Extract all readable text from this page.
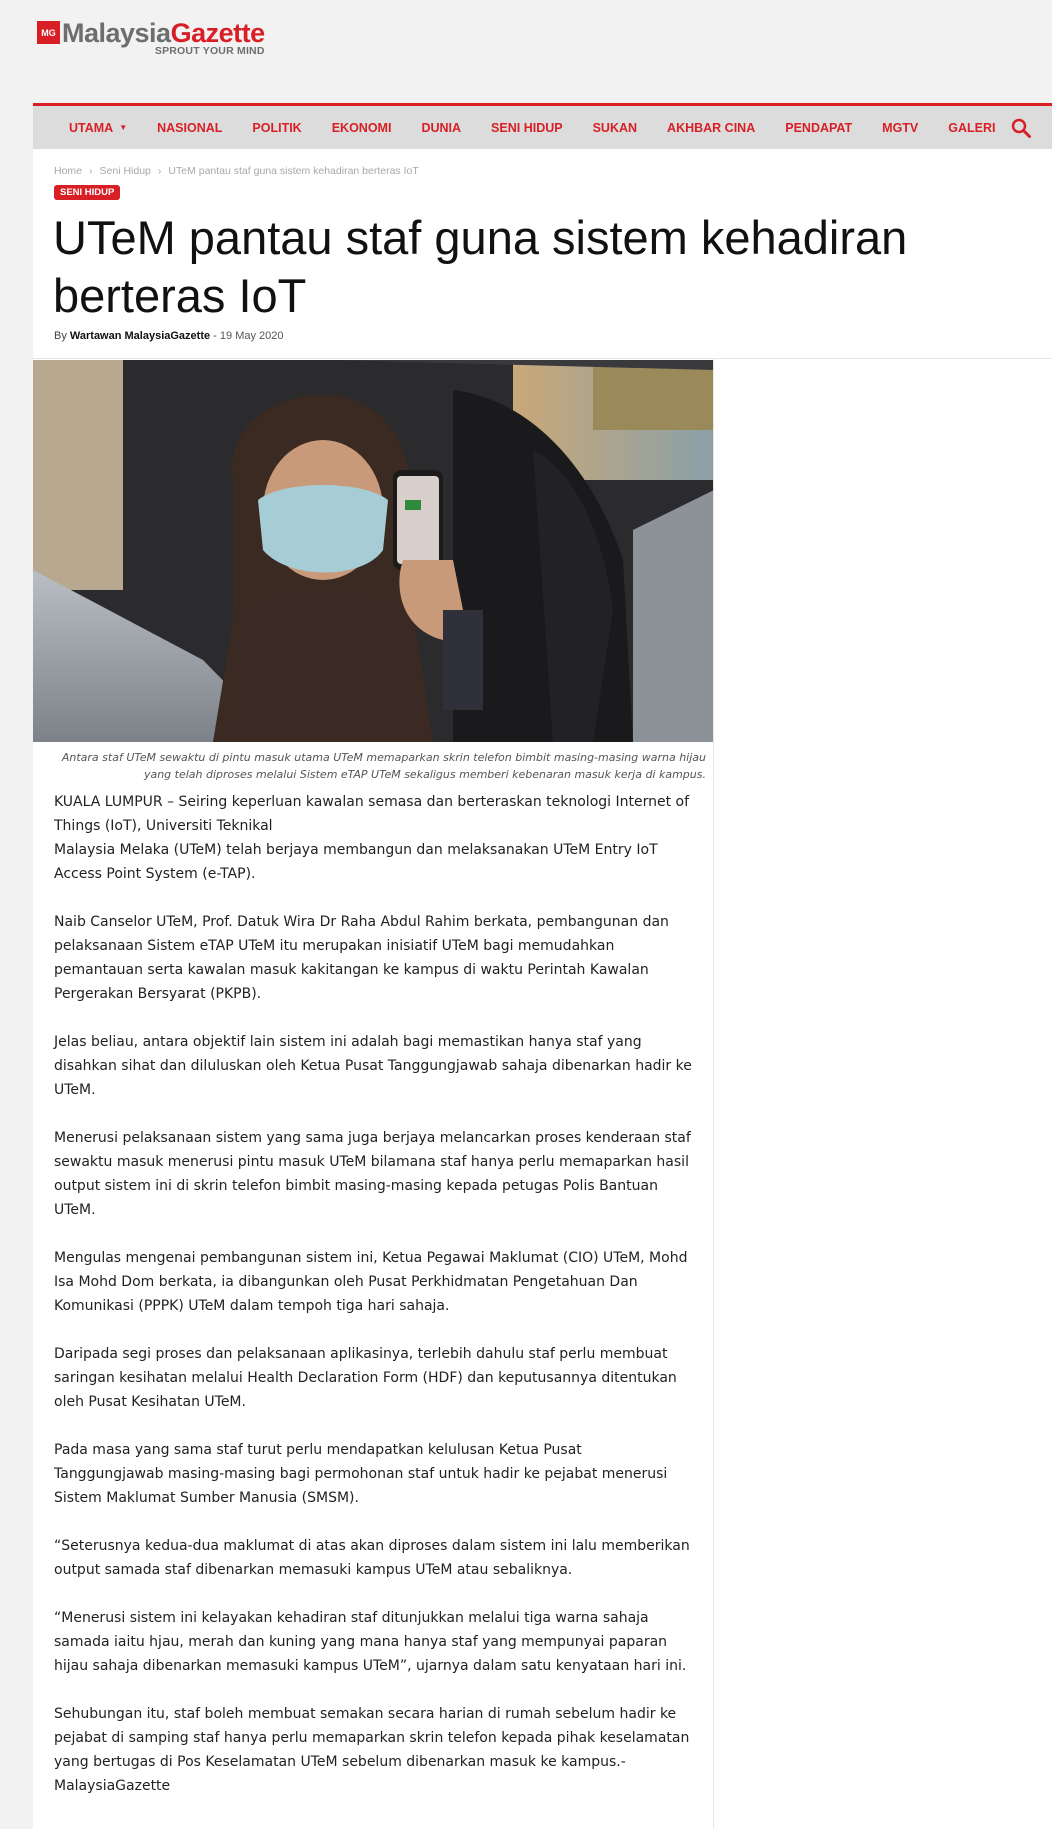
MG MalaysiaGazette
SPROUT YOUR MIND
UTAMA ▼ NASIONAL POLITIK EKONOMI DUNIA SENI HIDUP SUKAN AKHBAR CINA PENDAPAT MGTV GALERI
Home › Seni Hidup › UTeM pantau staf guna sistem kehadiran berteras IoT
SENI HIDUP
UTeM pantau staf guna sistem kehadiran berteras IoT
By Wartawan MalaysiaGazette - 19 May 2020
Antara staf UTeM sewaktu di pintu masuk utama UTeM memaparkan skrin telefon bimbit masing-masing warna hijau yang telah diproses melalui Sistem eTAP UTeM sekaligus memberi kebenaran masuk kerja di kampus.

KUALA LUMPUR – Seiring keperluan kawalan semasa dan berteraskan teknologi Internet of Things (IoT), Universiti Teknikal
Malaysia Melaka (UTeM) telah berjaya membangun dan melaksanakan UTeM Entry IoT Access Point System (e-TAP).

Naib Canselor UTeM, Prof. Datuk Wira Dr Raha Abdul Rahim berkata, pembangunan dan pelaksanaan Sistem eTAP UTeM itu merupakan inisiatif UTeM bagi memudahkan pemantauan serta kawalan masuk kakitangan ke kampus di waktu Perintah Kawalan Pergerakan Bersyarat (PKPB).

Jelas beliau, antara objektif lain sistem ini adalah bagi memastikan hanya staf yang disahkan sihat dan diluluskan oleh Ketua Pusat Tanggungjawab sahaja dibenarkan hadir ke UTeM.

Menerusi pelaksanaan sistem yang sama juga berjaya melancarkan proses kenderaan staf sewaktu masuk menerusi pintu masuk UTeM bilamana staf hanya perlu memaparkan hasil output sistem ini di skrin telefon bimbit masing-masing kepada petugas Polis Bantuan UTeM.

Mengulas mengenai pembangunan sistem ini, Ketua Pegawai Maklumat (CIO) UTeM, Mohd Isa Mohd Dom berkata, ia dibangunkan oleh Pusat Perkhidmatan Pengetahuan Dan Komunikasi (PPPK) UTeM dalam tempoh tiga hari sahaja.

Daripada segi proses dan pelaksanaan aplikasinya, terlebih dahulu staf perlu membuat saringan kesihatan melalui Health Declaration Form (HDF) dan keputusannya ditentukan oleh Pusat Kesihatan UTeM.

Pada masa yang sama staf turut perlu mendapatkan kelulusan Ketua Pusat Tanggungjawab masing-masing bagi permohonan staf untuk hadir ke pejabat menerusi Sistem Maklumat Sumber Manusia (SMSM).

“Seterusnya kedua-dua maklumat di atas akan diproses dalam sistem ini lalu memberikan output samada staf dibenarkan memasuki kampus UTeM atau sebaliknya.

“Menerusi sistem ini kelayakan kehadiran staf ditunjukkan melalui tiga warna sahaja samada iaitu hjau, merah dan kuning yang mana hanya staf yang mempunyai paparan hijau sahaja dibenarkan memasuki kampus UTeM”, ujarnya dalam satu kenyataan hari ini.

Sehubungan itu, staf boleh membuat semakan secara harian di rumah sebelum hadir ke pejabat di samping staf hanya perlu memaparkan skrin telefon kepada pihak keselamatan yang bertugas di Pos Keselamatan UTeM sebelum dibenarkan masuk ke kampus.-MalaysiaGazette
